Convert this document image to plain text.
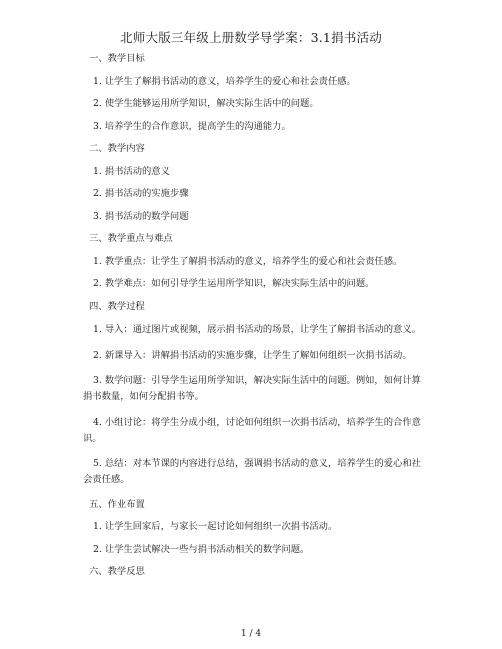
北师大版三年级上册数学导学案：3.1捐书活动
一、教学目标
1. 让学生了解捐书活动的意义，培养学生的爱心和社会责任感。
2. 使学生能够运用所学知识，解决实际生活中的问题。
3. 培养学生的合作意识，提高学生的沟通能力。
二、教学内容
1. 捐书活动的意义
2. 捐书活动的实施步骤
3. 捐书活动的数学问题
三、教学重点与难点
1. 教学重点：让学生了解捐书活动的意义，培养学生的爱心和社会责任感。
2. 教学难点：如何引导学生运用所学知识，解决实际生活中的问题。
四、教学过程
1. 导入：通过图片或视频，展示捐书活动的场景，让学生了解捐书活动的意义。
2. 新课导入：讲解捐书活动的实施步骤，让学生了解如何组织一次捐书活动。
3. 数学问题：引导学生运用所学知识，解决实际生活中的问题。例如，如何计算捐书数量，如何分配捐书等。
4. 小组讨论：将学生分成小组，讨论如何组织一次捐书活动，培养学生的合作意识。
5. 总结：对本节课的内容进行总结，强调捐书活动的意义，培养学生的爱心和社会责任感。
五、作业布置
1. 让学生回家后，与家长一起讨论如何组织一次捐书活动。
2. 让学生尝试解决一些与捐书活动相关的数学问题。
六、教学反思
1 / 4
